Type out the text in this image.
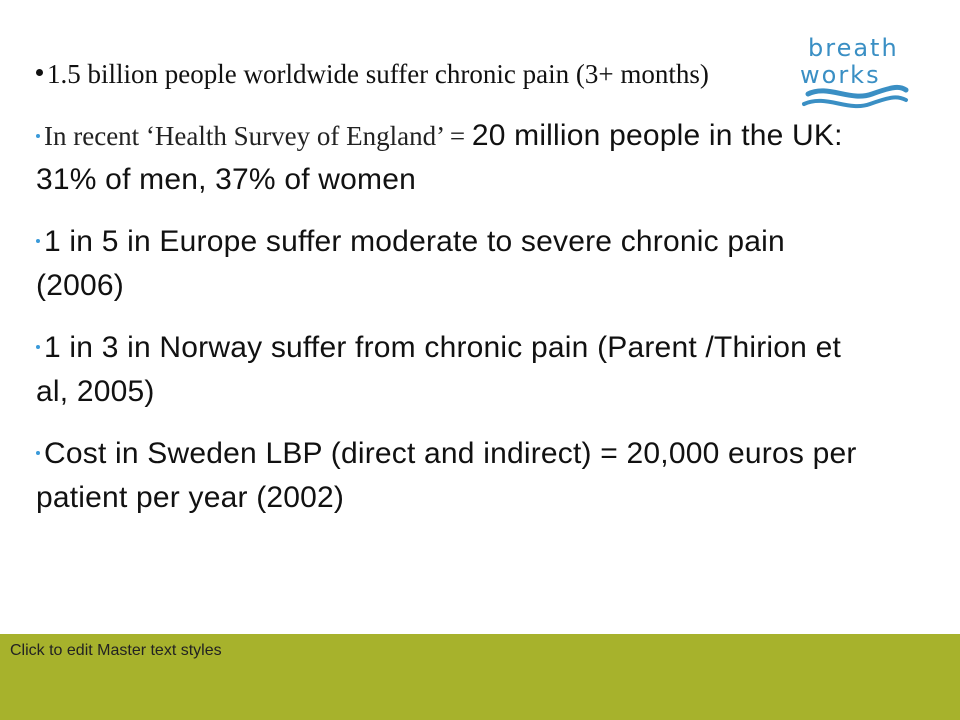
breath
works
1.5 billion people worldwide suffer chronic pain (3+ months)
In recent ‘Health Survey of England’ = 20 million people in the UK: 31% of men, 37% of women
1 in 5 in Europe suffer moderate to severe chronic pain (2006)
1 in 3 in Norway suffer from chronic pain (Parent /Thirion et al, 2005)
Cost in Sweden LBP (direct and indirect) = 20,000 euros per patient per year (2002)
Click to edit Master text styles
